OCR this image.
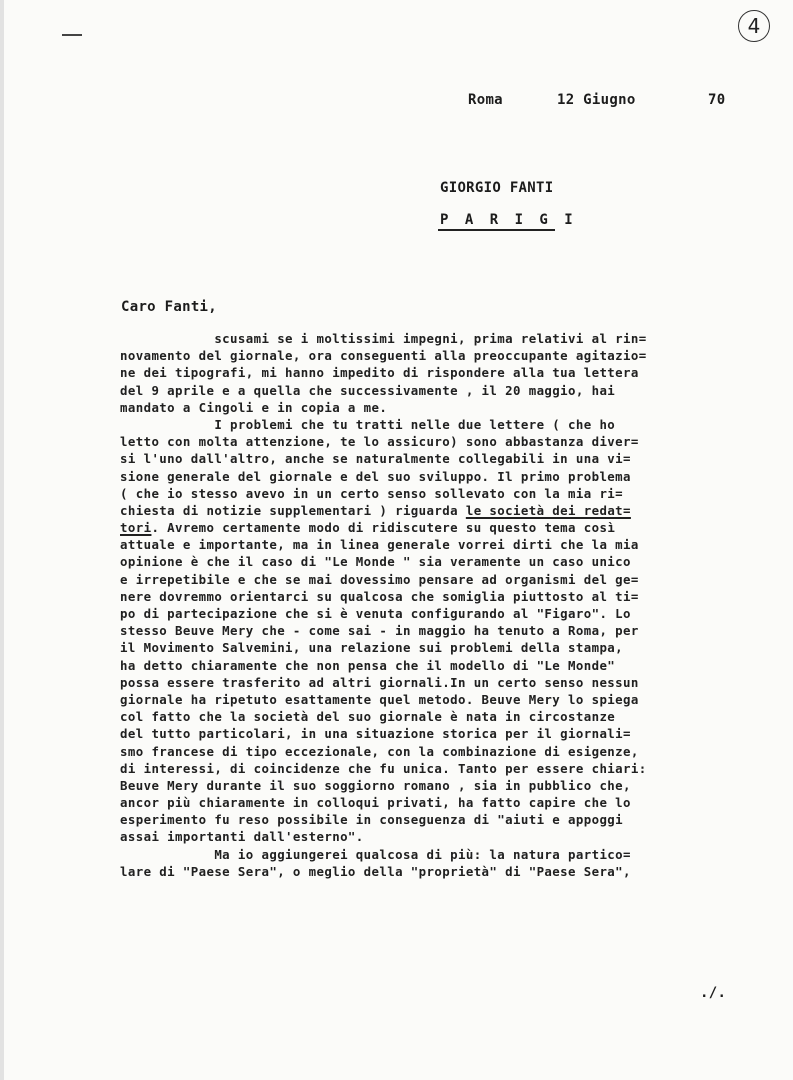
4
Roma	12 Giugno	70
GIORGIO FANTI
P A R I G I
Caro Fanti,
scusami se i moltissimi impegni, prima relativi al rin=
novamento del giornale, ora conseguenti alla preoccupante agitazio=
ne dei tipografi, mi hanno impedito di rispondere alla tua lettera
del 9 aprile e a quella che successivamente , il 20 maggio, hai
mandato a Cingoli e in copia a me.
I problemi che tu tratti nelle due lettere ( che ho
letto con molta attenzione, te lo assicuro) sono abbastanza diver=
si l'uno dall'altro, anche se naturalmente collegabili in una vi=
sione generale del giornale e del suo sviluppo. Il primo problema
( che io stesso avevo in un certo senso sollevato con la mia ri=
chiesta di notizie supplementari ) riguarda le società dei redat=
tori. Avremo certamente modo di ridiscutere su questo tema così
attuale e importante, ma in linea generale vorrei dirti che la mia
opinione è che il caso di "Le Monde " sia veramente un caso unico
e irrepetibile e che se mai dovessimo pensare ad organismi del ge=
nere dovremmo orientarci su qualcosa che somiglia piuttosto al ti=
po di partecipazione che si è venuta configurando al "Figaro". Lo
stesso Beuve Mery che - come sai - in maggio ha tenuto a Roma, per
il Movimento Salvemini, una relazione sui problemi della stampa,
ha detto chiaramente che non pensa che il modello di "Le Monde"
possa essere trasferito ad altri giornali.In un certo senso nessun
giornale ha ripetuto esattamente quel metodo. Beuve Mery lo spiega
col fatto che la società del suo giornale è nata in circostanze
del tutto particolari, in una situazione storica per il giornali=
smo francese di tipo eccezionale, con la combinazione di esigenze,
di interessi, di coincidenze che fu unica. Tanto per essere chiari:
Beuve Mery durante il suo soggiorno romano , sia in pubblico che,
ancor più chiaramente in colloqui privati, ha fatto capire che lo
esperimento fu reso possibile in conseguenza di "aiuti e appoggi
assai importanti dall'esterno".
Ma io aggiungerei qualcosa di più: la natura partico=
lare di "Paese Sera", o meglio della "proprietà" di "Paese Sera",
./.
